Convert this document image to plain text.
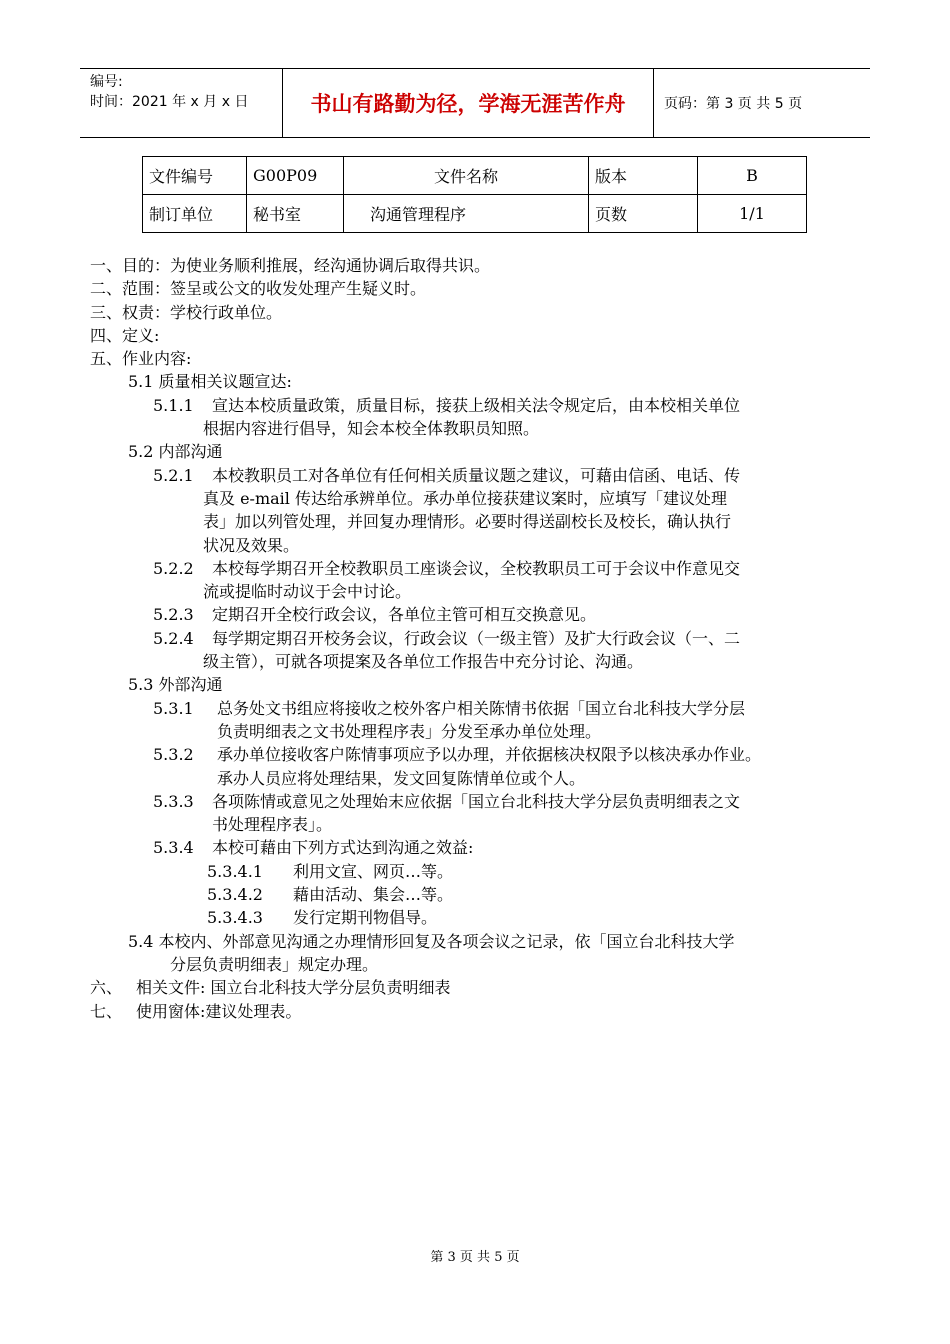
编号:
时间：2021 年 x 月 x 日	书山有路勤为径，学海无涯苦作舟	页码：第 3 页 共 5 页
文件编号	G00P09	文件名称	版本	B
制订单位	秘书室	沟通管理程序	页数	1/1
一、目的：为使业务顺利推展，经沟通协调后取得共识。
二、范围：签呈或公文的收发处理产生疑义时。
三、权责：学校行政单位。
四、定义:
五、作业内容:
5.1 质量相关议题宣达:
5.1.1 宣达本校质量政策，质量目标，接获上级相关法令规定后，由本校相关单位
根据内容进行倡导，知会本校全体教职员知照。
5.2 内部沟通
5.2.1 本校教职员工对各单位有任何相关质量议题之建议，可藉由信函、电话、传
真及 e-mail 传达给承辨单位。承办单位接获建议案时，应填写「建议处理
表」加以列管处理，并回复办理情形。必要时得送副校长及校长，确认执行
状况及效果。
5.2.2 本校每学期召开全校教职员工座谈会议，全校教职员工可于会议中作意见交
流或提临时动议于会中讨论。
5.2.3 定期召开全校行政会议，各单位主管可相互交换意见。
5.2.4 每学期定期召开校务会议，行政会议（一级主管）及扩大行政会议（一、二
级主管），可就各项提案及各单位工作报告中充分讨论、沟通。
5.3 外部沟通
5.3.1 总务处文书组应将接收之校外客户相关陈情书依据「国立台北科技大学分层
负责明细表之文书处理程序表」分发至承办单位处理。
5.3.2 承办单位接收客户陈情事项应予以办理，并依据核决权限予以核决承办作业。
承办人员应将处理结果，发文回复陈情单位或个人。
5.3.3 各项陈情或意见之处理始末应依据「国立台北科技大学分层负责明细表之文
书处理程序表」。
5.3.4 本校可藉由下列方式达到沟通之效益:
5.3.4.1 利用文宣、网页…等。
5.3.4.2 藉由活动、集会…等。
5.3.4.3 发行定期刊物倡导。
5.4 本校内、外部意见沟通之办理情形回复及各项会议之记录，依「国立台北科技大学
分层负责明细表」规定办理。
六、 相关文件: 国立台北科技大学分层负责明细表
七、 使用窗体:建议处理表。
第 3 页 共 5 页
